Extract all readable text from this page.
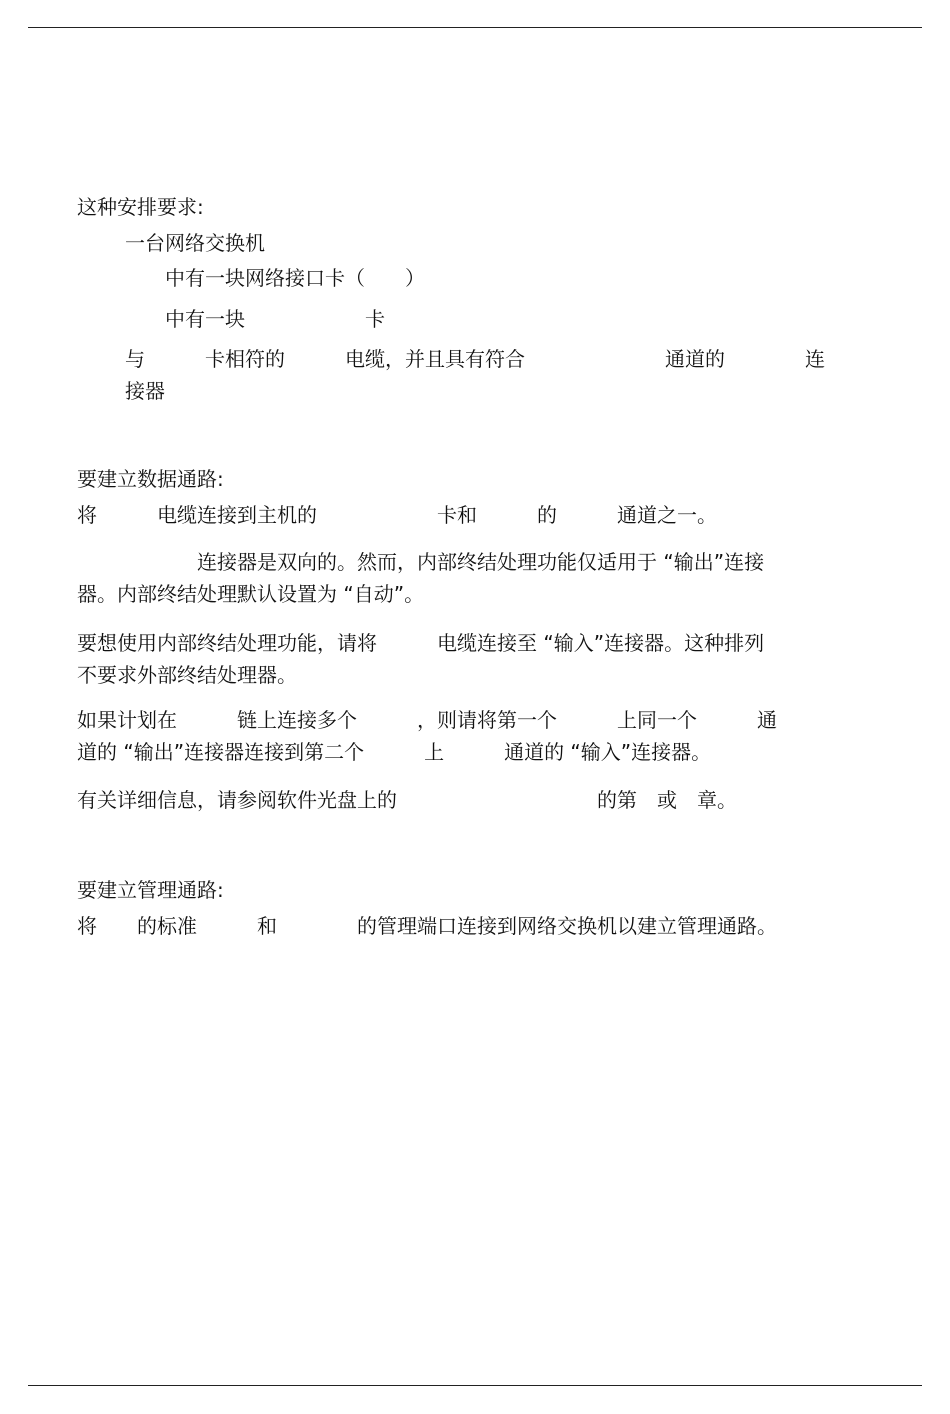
这种安排要求:
一台网络交换机
中有一块网络接口卡（　　）
中有一块　　　　　　卡
与　　　卡相符的　　　电缆，并且具有符合　　　　　　　通道的　　　　连
接器
要建立数据通路:
将　　　电缆连接到主机的　　　　　　卡和　　　的　　　通道之一。
　　　　　　连接器是双向的。然而，内部终结处理功能仅适用于 “输出”连接
器。内部终结处理默认设置为 “自动”。
要想使用内部终结处理功能，请将　　　电缆连接至 “输入”连接器。这种排列
不要求外部终结处理器。
如果计划在　　　链上连接多个　　　，则请将第一个　　　上同一个　　　通
道的 “输出”连接器连接到第二个　　　上　　　通道的 “输入”连接器。
有关详细信息，请参阅软件光盘上的　　　　　　　　　　的第　或　章。
要建立管理通路:
将　　的标准　　　和　　　　的管理端口连接到网络交换机以建立管理通路。
